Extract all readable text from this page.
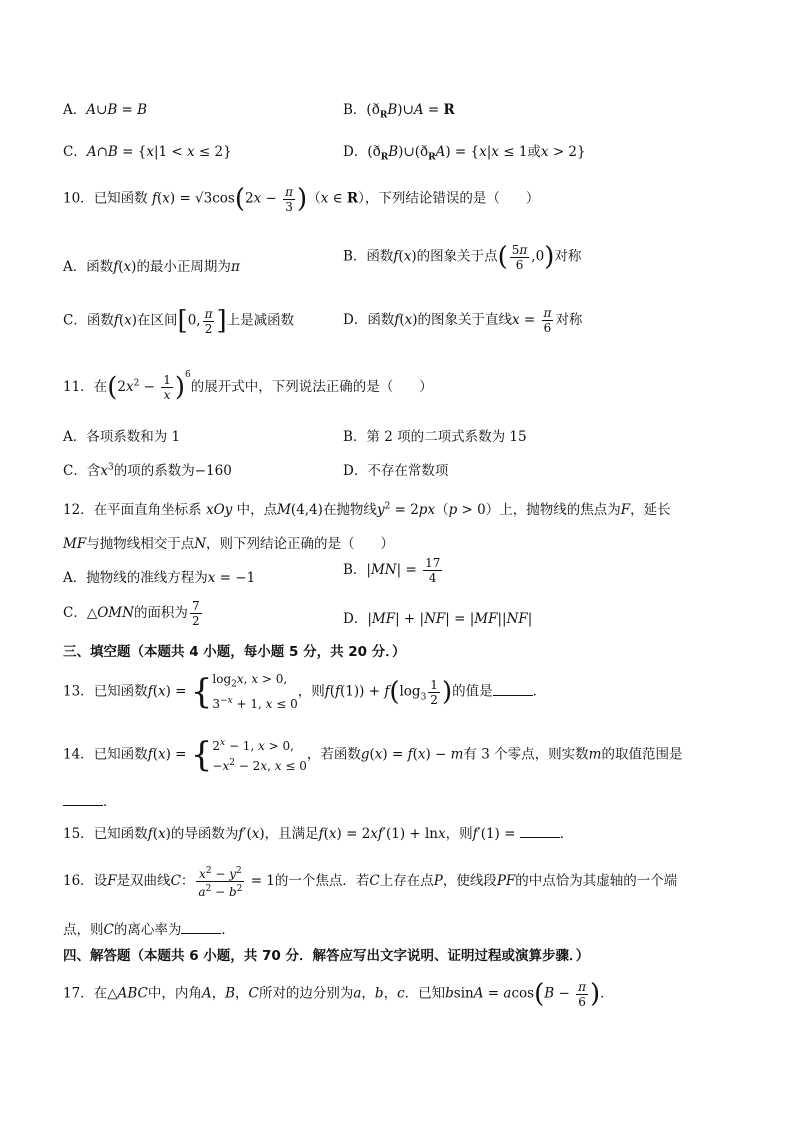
A．A∪B = B	B．$(ð_RB)\cup A = R$
C．A∩B = {x|1 < x ≤ 2}	D．$(ð_RB)\cup(ð_RA) = \{x|x \le 1$或x > 2}
10．已知函数 $f(x) = √3\cos(2x - \frac{\pi}{3} )(x$ ∈ R），下列结论错误的是（ ）
A．函数f(x)的最小正周期为π
B．函数f(x)的图象关于点( $\frac{5\pi}{6} ,0$)对称
C．函数f(x)在区间[0, $\frac{\pi}{2}$ ]上是减函数	D．函数f(x)的图象关于直线$x = \frac{\pi}{6}$ 对称
11．在$(2x^2 - \frac{1}{x} )^6$的展开式中，下列说法正确的是（ ）
A．各项系数和为 1	B．第 2 项的二项式系数为 15
C．含$x^3$的项的系数为−160	D．不存在常数项
12．在平面直角坐标系 xOy 中，点M(4,4)在抛物线$y^2 = 2px(p > 0)$上，抛物线的焦点为F，延长
MF与抛物线相交于点N，则下列结论正确的是（ ）
A．抛物线的准线方程为x = −1	B．$|MN| = \frac{17}{4}$
C．△OMN的面积为 $\frac{7}{2}$	D．|MF| + |NF| = |MF||NF|
三、填空题（本题共 4 小题，每小题 5 分，共 20 分．）
13．已知函数$f(x) = \{\log_2x$, x > 0,
$3^{-x} + 1$, x ≤ 0，则$f(f(1)) + f(\log_3 \frac{1}{2}$ )的值是	．
14．已知函数$f(x) = \{2^x - 1$, x > 0,
$-x^2 - 2x$, x ≤ 0，若函数g(x) = f(x) − m有 3 个零点，则实数m的取值范围是
．
15．已知函数f(x)的导函数为f′(x)，且满足f(x) = 2xf′(1) + lnx，则f′(1) =	．
16．设F是双曲线C： $\frac{x^2 - y^2}{a^2 - b^2} = 1$的一个焦点．若C上存在点P，使线段PF的中点恰为其虚轴的一个端
点，则C的离心率为	．
四、解答题（本题共 6 小题，共 70 分．解答应写出文字说明、证明过程或演算步骤．）
17．在△ABC中，内角A，B，C所对的边分别为a，b，c．已知$bsinA = acos(B - \frac{\pi}{6}$ )．
